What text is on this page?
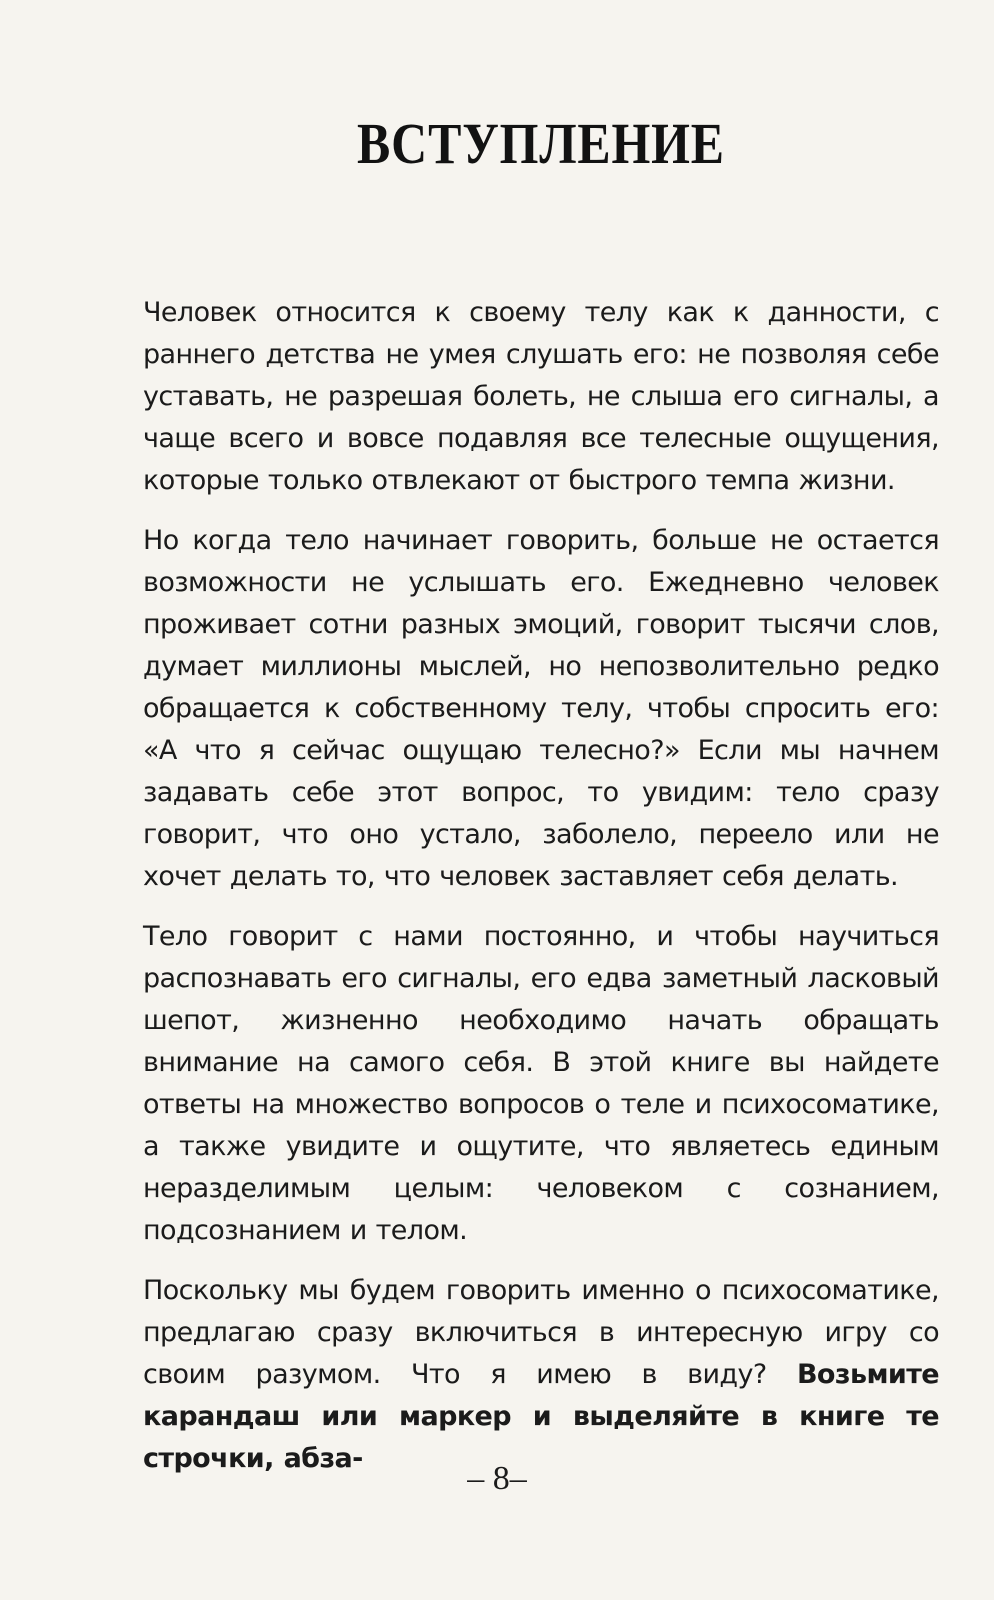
ВСТУПЛЕНИЕ

Человек относится к своему телу как к данности, с раннего детства не умея слушать его: не позволяя себе уставать, не разрешая болеть, не слыша его сигналы, а чаще всего и вовсе подавляя все телесные ощущения, которые только отвлекают от быстрого темпа жизни.

Но когда тело начинает говорить, больше не остается возможности не услышать его. Ежедневно человек проживает сотни разных эмоций, говорит тысячи слов, думает миллионы мыслей, но непозволительно редко обращается к собственному телу, чтобы спросить его: «А что я сейчас ощущаю телесно?» Если мы начнем задавать себе этот вопрос, то увидим: тело сразу говорит, что оно устало, заболело, переело или не хочет делать то, что человек заставляет себя делать.

Тело говорит с нами постоянно, и чтобы научиться распознавать его сигналы, его едва заметный ласковый шепот, жизненно необходимо начать обращать внимание на самого себя. В этой книге вы найдете ответы на множество вопросов о теле и психосоматике, а также увидите и ощутите, что являетесь единым неразделимым целым: человеком с сознанием, подсознанием и телом.

Поскольку мы будем говорить именно о психосоматике, предлагаю сразу включиться в интересную игру со своим разумом. Что я имею в виду? Возьмите карандаш или маркер и выделяйте в книге те строчки, абза-

– 8–
